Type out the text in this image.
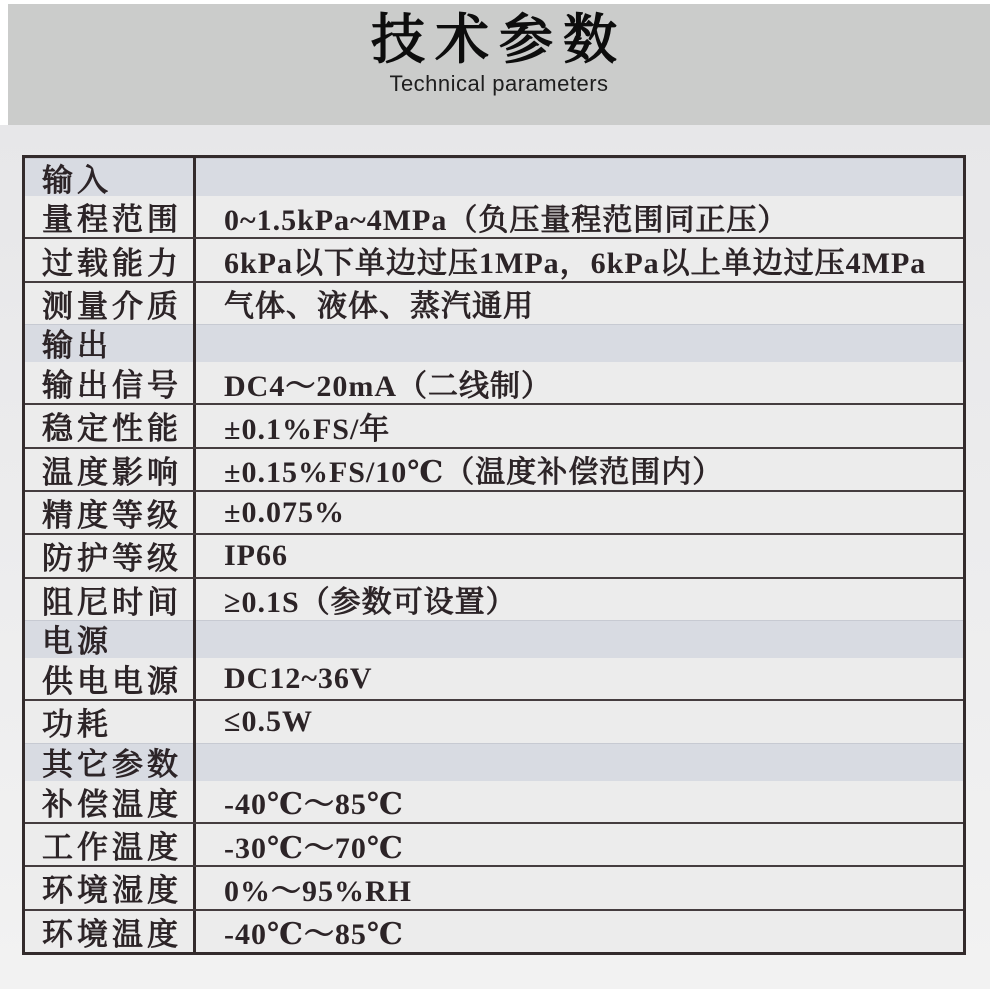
技术参数
Technical parameters
输入
量程范围	0~1.5kPa~4MPa（负压量程范围同正压）
过载能力	6kPa以下单边过压1MPa，6kPa以上单边过压4MPa
测量介质	气体、液体、蒸汽通用
输出
输出信号	DC4～20mA（二线制）
稳定性能	±0.1%FS/年
温度影响	±0.15%FS/10℃（温度补偿范围内）
精度等级	±0.075%
防护等级	IP66
阻尼时间	≥0.1S（参数可设置）
电源
供电电源	DC12~36V
功耗	≤0.5W
其它参数
补偿温度	-40℃～85℃
工作温度	-30℃～70℃
环境湿度	0%～95%RH
环境温度	-40℃～85℃
